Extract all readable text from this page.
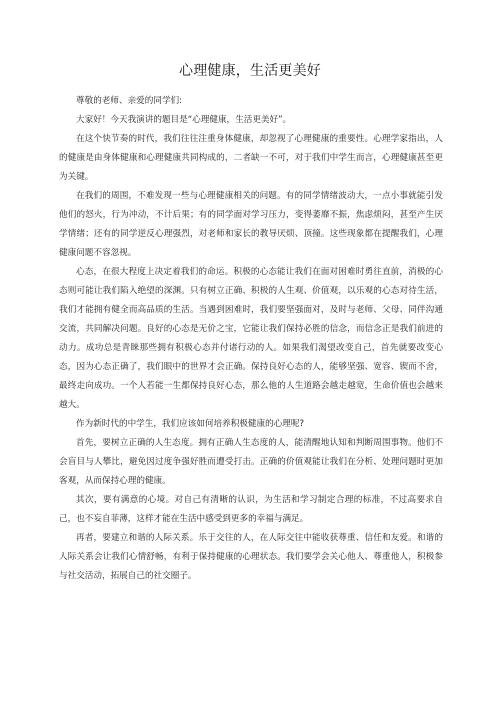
心理健康，生活更美好

尊敬的老师、亲爱的同学们:

大家好！今天我演讲的题目是“心理健康，生活更美好”。

在这个快节奏的时代，我们往往注重身体健康，却忽视了心理健康的重要性。心理学家指出，人的健康是由身体健康和心理健康共同构成的，二者缺一不可，对于我们中学生而言，心理健康甚至更为关键。

在我们的周围，不难发现一些与心理健康相关的问题。有的同学情绪波动大，一点小事就能引发他们的怒火，行为冲动，不计后果；有的同学面对学习压力，变得萎靡不振，焦虑烦闷，甚至产生厌学情绪；还有的同学逆反心理强烈，对老师和家长的教导厌烦、顶撞。这些现象都在提醒我们，心理健康问题不容忽视。

心态，在很大程度上决定着我们的命运。积极的心态能让我们在面对困难时勇往直前，消极的心态则可能让我们陷入绝望的深渊。只有树立正确、积极的人生观、价值观，以乐观的心态对待生活，我们才能拥有健全而高品质的生活。当遇到困难时，我们要坚强面对，及时与老师、父母、同伴沟通交流，共同解决问题。良好的心态是无价之宝，它能让我们保持必胜的信念，而信念正是我们前进的动力。成功总是青睐那些拥有积极心态并付诸行动的人。如果我们渴望改变自己，首先就要改变心态，因为心态正确了，我们眼中的世界才会正确。保持良好心态的人，能够坚强、宽容、锲而不舍，最终走向成功。一个人若能一生都保持良好心态，那么他的人生道路会越走越宽，生命价值也会越来越大。

作为新时代的中学生，我们应该如何培养积极健康的心理呢?

首先，要树立正确的人生态度。拥有正确人生态度的人，能清醒地认知和判断周围事物。他们不会盲目与人攀比，避免因过度争强好胜而遭受打击。正确的价值观能让我们在分析、处理问题时更加客观，从而保持心理的健康。

其次，要有满意的心境。对自己有清晰的认识，为生活和学习制定合理的标准，不过高要求自己，也不妄自菲薄，这样才能在生活中感受到更多的幸福与满足。

再者，要建立和谐的人际关系。乐于交往的人，在人际交往中能收获尊重、信任和友爱。和谐的人际关系会让我们心情舒畅，有利于保持健康的心理状态。我们要学会关心他人、尊重他人，积极参与社交活动，拓展自己的社交圈子。
